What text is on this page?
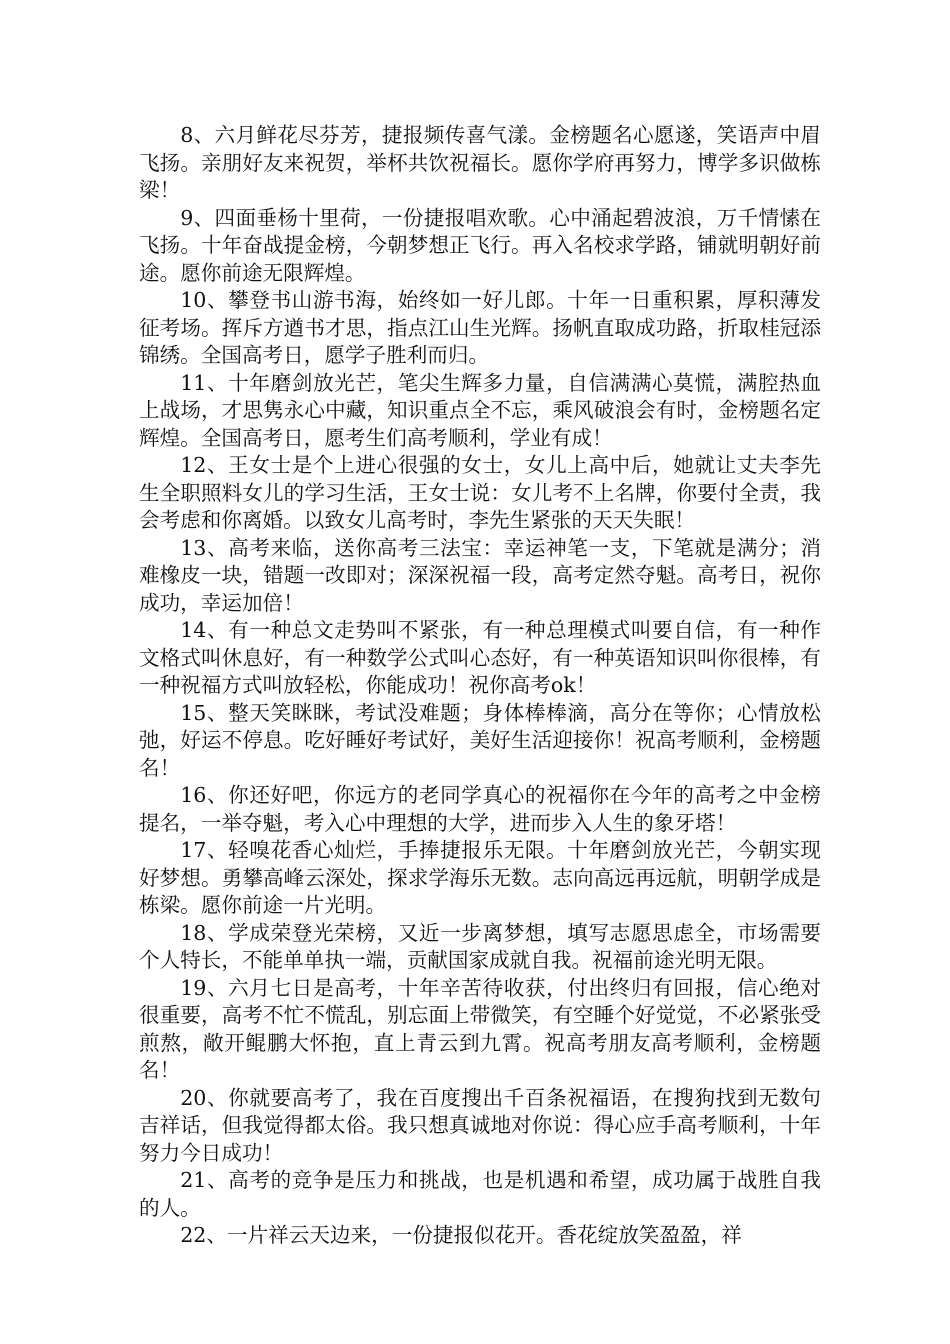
8、六月鲜花尽芬芳，捷报频传喜气漾。金榜题名心愿遂，笑语声中眉飞扬。亲朋好友来祝贺，举杯共饮祝福长。愿你学府再努力，博学多识做栋梁！

9、四面垂杨十里荷，一份捷报唱欢歌。心中涌起碧波浪，万千情愫在飞扬。十年奋战提金榜，今朝梦想正飞行。再入名校求学路，铺就明朝好前途。愿你前途无限辉煌。

10、攀登书山游书海，始终如一好儿郎。十年一日重积累，厚积薄发征考场。挥斥方遒书才思，指点江山生光辉。扬帆直取成功路，折取桂冠添锦绣。全国高考日，愿学子胜利而归。

11、十年磨剑放光芒，笔尖生辉多力量，自信满满心莫慌，满腔热血上战场，才思隽永心中藏，知识重点全不忘，乘风破浪会有时，金榜题名定辉煌。全国高考日，愿考生们高考顺利，学业有成！

12、王女士是个上进心很强的女士，女儿上高中后，她就让丈夫李先生全职照料女儿的学习生活，王女士说：女儿考不上名牌，你要付全责，我会考虑和你离婚。以致女儿高考时，李先生紧张的天天失眠！

13、高考来临，送你高考三法宝：幸运神笔一支，下笔就是满分；消难橡皮一块，错题一改即对；深深祝福一段，高考定然夺魁。高考日，祝你成功，幸运加倍！

14、有一种总文走势叫不紧张，有一种总理模式叫要自信，有一种作文格式叫休息好，有一种数学公式叫心态好，有一种英语知识叫你很棒，有一种祝福方式叫放轻松，你能成功！祝你高考ok！

15、整天笑眯眯，考试没难题；身体棒棒滴，高分在等你；心情放松弛，好运不停息。吃好睡好考试好，美好生活迎接你！祝高考顺利，金榜题名！

16、你还好吧，你远方的老同学真心的祝福你在今年的高考之中金榜提名，一举夺魁，考入心中理想的大学，进而步入人生的象牙塔！

17、轻嗅花香心灿烂，手捧捷报乐无限。十年磨剑放光芒，今朝实现好梦想。勇攀高峰云深处，探求学海乐无数。志向高远再远航，明朝学成是栋梁。愿你前途一片光明。

18、学成荣登光荣榜，又近一步离梦想，填写志愿思虑全，市场需要个人特长，不能单单执一端，贡献国家成就自我。祝福前途光明无限。

19、六月七日是高考，十年辛苦待收获，付出终归有回报，信心绝对很重要，高考不忙不慌乱，别忘面上带微笑，有空睡个好觉觉，不必紧张受煎熬，敞开鲲鹏大怀抱，直上青云到九霄。祝高考朋友高考顺利，金榜题名！

20、你就要高考了，我在百度搜出千百条祝福语，在搜狗找到无数句吉祥话，但我觉得都太俗。我只想真诚地对你说：得心应手高考顺利，十年努力今日成功！

21、高考的竞争是压力和挑战，也是机遇和希望，成功属于战胜自我的人。

22、一片祥云天边来，一份捷报似花开。香花绽放笑盈盈，祥
